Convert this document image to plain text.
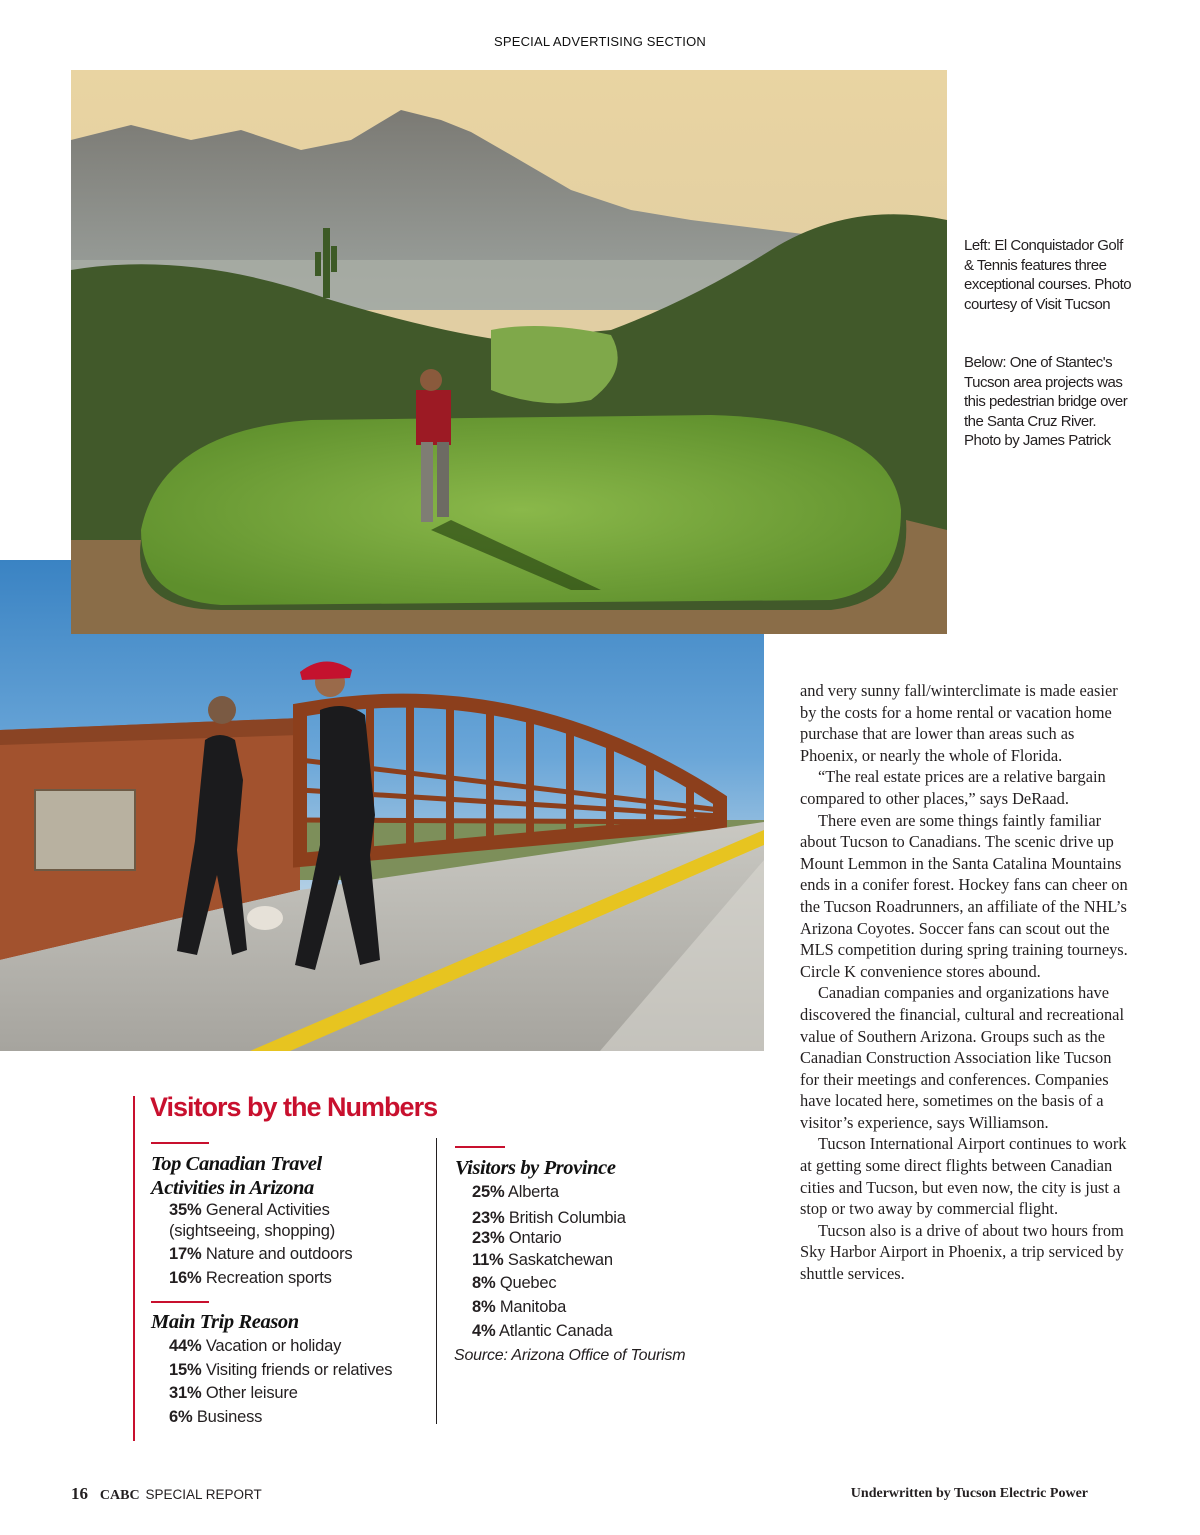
SPECIAL ADVERTISING SECTION
Left: El Conquistador Golf & Tennis features three exceptional courses. Photo courtesy of Visit Tucson
Below: One of Stantec's Tucson area projects was this pedestrian bridge over the Santa Cruz River. Photo by James Patrick

and very sunny fall/winterclimate is made easier by the costs for a home rental or vacation home purchase that are lower than areas such as Phoenix, or nearly the whole of Florida.

“The real estate prices are a relative bargain compared to other places,” says DeRaad.

There even are some things faintly familiar about Tucson to Canadians. The scenic drive up Mount Lemmon in the Santa Catalina Mountains ends in a conifer forest. Hockey fans can cheer on the Tucson Roadrunners, an affiliate of the NHL’s Arizona Coyotes. Soccer fans can scout out the MLS competition during spring training tourneys. Circle K convenience stores abound.

Canadian companies and organizations have discovered the financial, cultural and recreational value of Southern Arizona. Groups such as the Canadian Construction Association like Tucson for their meetings and conferences. Companies have located here, sometimes on the basis of a visitor’s experience, says Williamson.

Tucson International Airport continues to work at getting some direct flights between Canadian cities and Tucson, but even now, the city is just a stop or two away by commercial flight.

Tucson also is a drive of about two hours from Sky Harbor Airport in Phoenix, a trip serviced by shuttle services.

Visitors by the Numbers
Top Canadian Travel
Activities in Arizona
35% General Activities
(sightseeing, shopping)
17% Nature and outdoors
16% Recreation sports
Main Trip Reason
44% Vacation or holiday
15% Visiting friends or relatives
31% Other leisure
6% Business
Visitors by Province
25% Alberta
23% British Columbia
23% Ontario
11% Saskatchewan
8% Quebec
8% Manitoba
4% Atlantic Canada
Source: Arizona Office of Tourism
16 CABC SPECIAL REPORT	Underwritten by Tucson Electric Power
